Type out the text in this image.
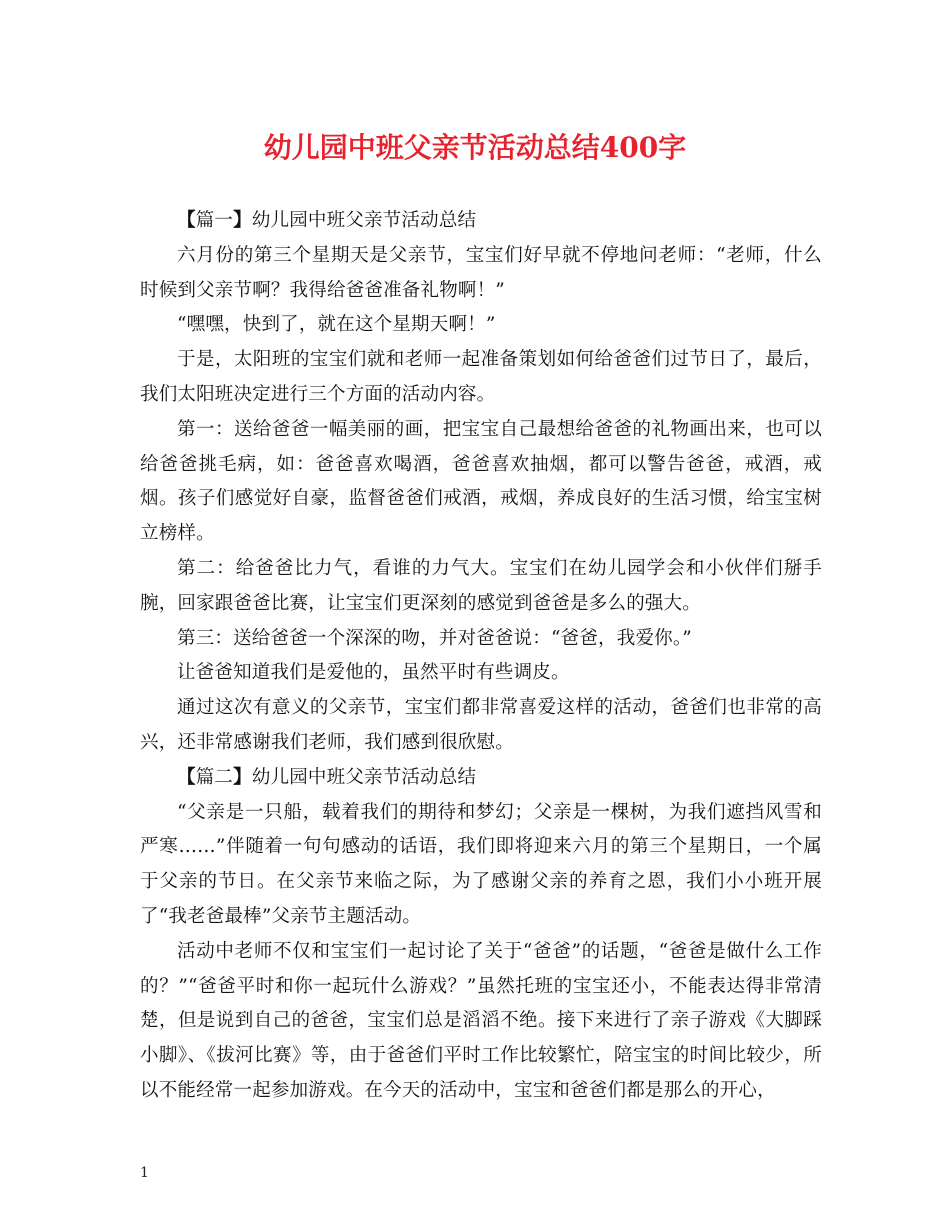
幼儿园中班父亲节活动总结400字

【篇一】幼儿园中班父亲节活动总结

六月份的第三个星期天是父亲节，宝宝们好早就不停地问老师：“老师，什么时候到父亲节啊？我得给爸爸准备礼物啊！”

“嘿嘿，快到了，就在这个星期天啊！”

于是，太阳班的宝宝们就和老师一起准备策划如何给爸爸们过节日了，最后，我们太阳班决定进行三个方面的活动内容。

第一：送给爸爸一幅美丽的画，把宝宝自己最想给爸爸的礼物画出来，也可以给爸爸挑毛病，如：爸爸喜欢喝酒，爸爸喜欢抽烟，都可以警告爸爸，戒酒，戒烟。孩子们感觉好自豪，监督爸爸们戒酒，戒烟，养成良好的生活习惯，给宝宝树立榜样。

第二：给爸爸比力气，看谁的力气大。宝宝们在幼儿园学会和小伙伴们掰手腕，回家跟爸爸比赛，让宝宝们更深刻的感觉到爸爸是多么的强大。

第三：送给爸爸一个深深的吻，并对爸爸说：“爸爸，我爱你。”

让爸爸知道我们是爱他的，虽然平时有些调皮。

通过这次有意义的父亲节，宝宝们都非常喜爱这样的活动，爸爸们也非常的高兴，还非常感谢我们老师，我们感到很欣慰。

【篇二】幼儿园中班父亲节活动总结

“父亲是一只船，载着我们的期待和梦幻；父亲是一棵树，为我们遮挡风雪和严寒……”伴随着一句句感动的话语，我们即将迎来六月的第三个星期日，一个属于父亲的节日。在父亲节来临之际，为了感谢父亲的养育之恩，我们小小班开展了“我老爸最棒”父亲节主题活动。

活动中老师不仅和宝宝们一起讨论了关于“爸爸”的话题，“爸爸是做什么工作的？”“爸爸平时和你一起玩什么游戏？”虽然托班的宝宝还小，不能表达得非常清楚，但是说到自己的爸爸，宝宝们总是滔滔不绝。接下来进行了亲子游戏《大脚踩小脚》、《拔河比赛》等，由于爸爸们平时工作比较繁忙，陪宝宝的时间比较少，所以不能经常一起参加游戏。在今天的活动中，宝宝和爸爸们都是那么的开心，

1
